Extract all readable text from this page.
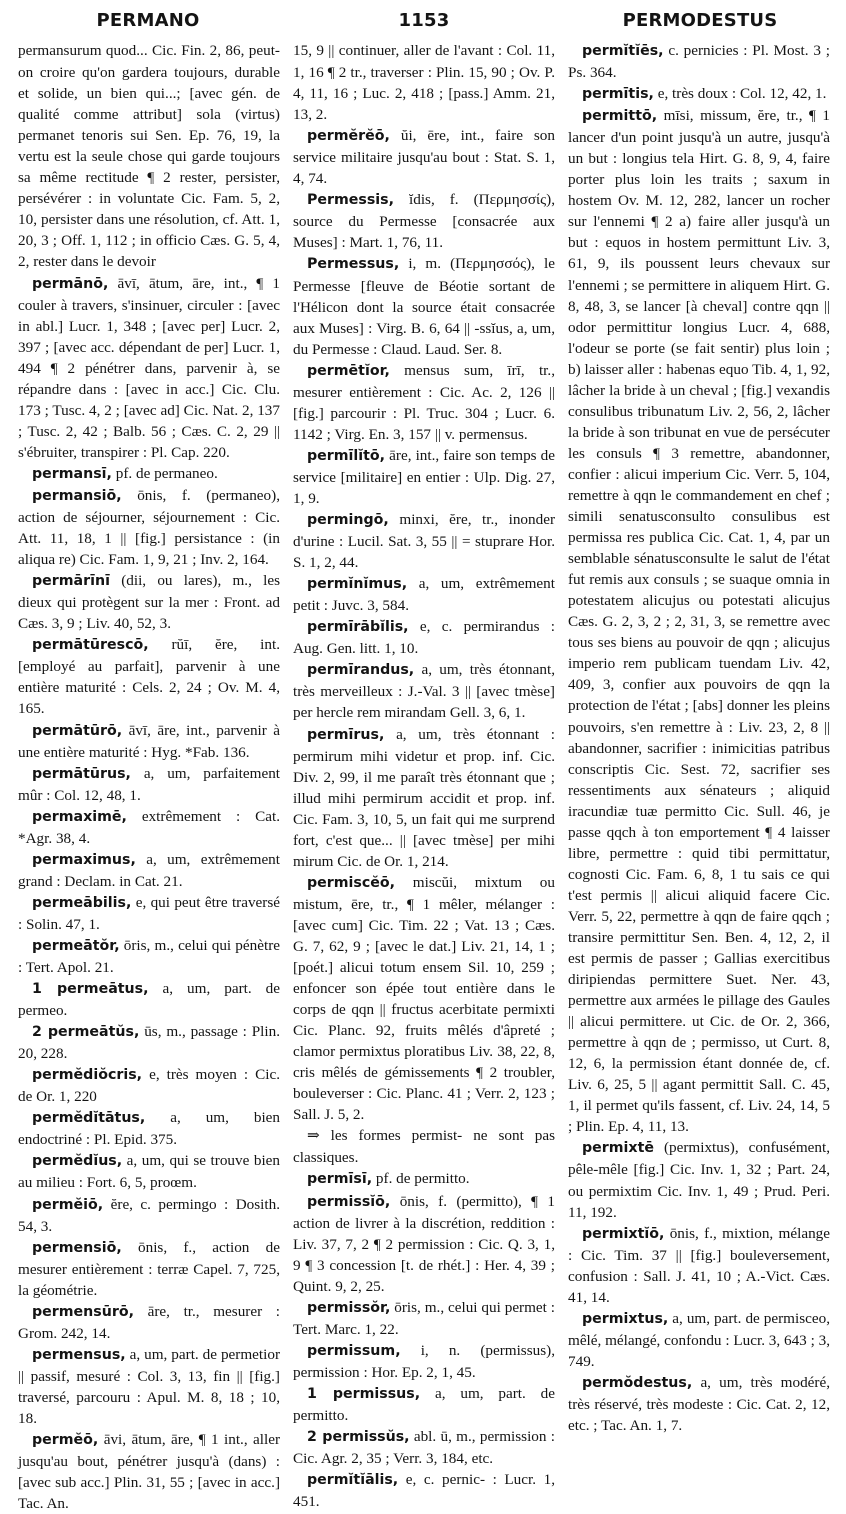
PERMANO	1153	PERMODESTUS

permansurum quod... Cic. Fin. 2, 86, peut-on croire qu'on gardera toujours, durable et solide, un bien qui...; [avec gén. de qualité comme attribut] sola (virtus) permanet tenoris sui Sen. Ep. 76, 19, la vertu est la seule chose qui garde toujours sa même rectitude ¶ 2 rester, persister, persévérer : in voluntate Cic. Fam. 5, 2, 10, persister dans une résolution, cf. Att. 1, 20, 3 ; Off. 1, 112 ; in officio Cæs. G. 5, 4, 2, rester dans le devoir

permānō, āvī, ātum, āre, int., ¶ 1 couler à travers, s'insinuer, circuler : [avec in abl.] Lucr. 1, 348 ; [avec per] Lucr. 2, 397 ; [avec acc. dépendant de per] Lucr. 1, 494 ¶ 2 pénétrer dans, parvenir à, se répandre dans : [avec in acc.] Cic. Clu. 173 ; Tusc. 4, 2 ; [avec ad] Cic. Nat. 2, 137 ; Tusc. 2, 42 ; Balb. 56 ; Cæs. C. 2, 29 || s'ébruiter, transpirer : Pl. Cap. 220.

permansī, pf. de permaneo.

permansiō, ōnis, f. (permaneo), action de séjourner, séjournement : Cic. Att. 11, 18, 1 || [fig.] persistance : (in aliqua re) Cic. Fam. 1, 9, 21 ; Inv. 2, 164.

permārīnī (dii, ou lares), m., les dieux qui protègent sur la mer : Front. ad Cæs. 3, 9 ; Liv. 40, 52, 3.

permātūrescō, rŭī, ĕre, int. [employé au parfait], parvenir à une entière maturité : Cels. 2, 24 ; Ov. M. 4, 165.

permātūrō, āvī, āre, int., parvenir à une entière maturité : Hyg. *Fab. 136.

permātūrus, a, um, parfaitement mûr : Col. 12, 48, 1.

permaximē, extrêmement : Cat. *Agr. 38, 4.

permaximus, a, um, extrêmement grand : Declam. in Cat. 21.

permeābilis, e, qui peut être traversé : Solin. 47, 1.

permeātŏr, ōris, m., celui qui pénètre : Tert. Apol. 21.

1 permeātus, a, um, part. de permeo.

2 permeātŭs, ūs, m., passage : Plin. 20, 228.

permĕdiŏcris, e, très moyen : Cic. de Or. 1, 220

permĕdĭtātus, a, um, bien endoctriné : Pl. Epid. 375.

permĕdĭus, a, um, qui se trouve bien au milieu : Fort. 6, 5, proœm.

permĕiō, ĕre, c. permingo : Dosith. 54, 3.

permensiō, ōnis, f., action de mesurer entièrement : terræ Capel. 7, 725, la géométrie.

permensūrō, āre, tr., mesurer : Grom. 242, 14.

permensus, a, um, part. de permetior || passif, mesuré : Col. 3, 13, fin || [fig.] traversé, parcouru : Apul. M. 8, 18 ; 10, 18.

permĕō, āvi, ātum, āre, ¶ 1 int., aller jusqu'au bout, pénétrer jusqu'à (dans) : [avec sub acc.] Plin. 31, 55 ; [avec in acc.] Tac. An.

15, 9 || continuer, aller de l'avant : Col. 11, 1, 16 ¶ 2 tr., traverser : Plin. 15, 90 ; Ov. P. 4, 11, 16 ; Luc. 2, 418 ; [pass.] Amm. 21, 13, 2.

permĕrĕō, ŭi, ēre, int., faire son service militaire jusqu'au bout : Stat. S. 1, 4, 74.

Permessis, ĭdis, f. (Περμησσίς), source du Permesse [consacrée aux Muses] : Mart. 1, 76, 11.

Permessus, i, m. (Περμησσός), le Permesse [fleuve de Béotie sortant de l'Hélicon dont la source était consacrée aux Muses] : Virg. B. 6, 64 || -ssĭus, a, um, du Permesse : Claud. Laud. Ser. 8.

permētĭor, mensus sum, īrī, tr., mesurer entièrement : Cic. Ac. 2, 126 || [fig.] parcourir : Pl. Truc. 304 ; Lucr. 6. 1142 ; Virg. En. 3, 157 || v. permensus.

permīlĭtō, āre, int., faire son temps de service [militaire] en entier : Ulp. Dig. 27, 1, 9.

permingō, minxi, ĕre, tr., inonder d'urine : Lucil. Sat. 3, 55 || = stuprare Hor. S. 1, 2, 44.

permĭnĭmus, a, um, extrêmement petit : Juvc. 3, 584.

permīrābĭlis, e, c. permirandus : Aug. Gen. litt. 1, 10.

permīrandus, a, um, très étonnant, très merveilleux : J.-Val. 3 || [avec tmèse] per hercle rem mirandam Gell. 3, 6, 1.

permīrus, a, um, très étonnant : permirum mihi videtur et prop. inf. Cic. Div. 2, 99, il me paraît très étonnant que ; illud mihi permirum accidit et prop. inf. Cic. Fam. 3, 10, 5, un fait qui me surprend fort, c'est que... || [avec tmèse] per mihi mirum Cic. de Or. 1, 214.

permiscĕō, miscŭi, mixtum ou mistum, ēre, tr., ¶ 1 mêler, mélanger : [avec cum] Cic. Tim. 22 ; Vat. 13 ; Cæs. G. 7, 62, 9 ; [avec le dat.] Liv. 21, 14, 1 ; [poét.] alicui totum ensem Sil. 10, 259 ; enfoncer son épée tout entière dans le corps de qqn || fructus acerbitate permixti Cic. Planc. 92, fruits mêlés d'âpreté ; clamor permixtus ploratibus Liv. 38, 22, 8, cris mêlés de gémissements ¶ 2 troubler, bouleverser : Cic. Planc. 41 ; Verr. 2, 123 ; Sall. J. 5, 2.

⇒ les formes permist- ne sont pas classiques.

permīsī, pf. de permitto.

permissĭō, ōnis, f. (permitto), ¶ 1 action de livrer à la discrétion, reddition : Liv. 37, 7, 2 ¶ 2 permission : Cic. Q. 3, 1, 9 ¶ 3 concession [t. de rhét.] : Her. 4, 39 ; Quint. 9, 2, 25.

permissŏr, ōris, m., celui qui permet : Tert. Marc. 1, 22.

permissum, i, n. (permissus), permission : Hor. Ep. 2, 1, 45.

1 permissus, a, um, part. de permitto.

2 permissŭs, abl. ū, m., permission : Cic. Agr. 2, 35 ; Verr. 3, 184, etc.

permĭtĭālis, e, c. pernic- : Lucr. 1, 451.

permĭtĭēs, c. pernicies : Pl. Most. 3 ; Ps. 364.

permītis, e, très doux : Col. 12, 42, 1.

permittō, mīsi, missum, ĕre, tr., ¶ 1 lancer d'un point jusqu'à un autre, jusqu'à un but : longius tela Hirt. G. 8, 9, 4, faire porter plus loin les traits ; saxum in hostem Ov. M. 12, 282, lancer un rocher sur l'ennemi ¶ 2 a) faire aller jusqu'à un but : equos in hostem permittunt Liv. 3, 61, 9, ils poussent leurs chevaux sur l'ennemi ; se permittere in aliquem Hirt. G. 8, 48, 3, se lancer [à cheval] contre qqn || odor permittitur longius Lucr. 4, 688, l'odeur se porte (se fait sentir) plus loin ; b) laisser aller : habenas equo Tib. 4, 1, 92, lâcher la bride à un cheval ; [fig.] vexandis consulibus tribunatum Liv. 2, 56, 2, lâcher la bride à son tribunat en vue de persécuter les consuls ¶ 3 remettre, abandonner, confier : alicui imperium Cic. Verr. 5, 104, remettre à qqn le commandement en chef ; simili senatusconsulto consulibus est permissa res publica Cic. Cat. 1, 4, par un semblable sénatusconsulte le salut de l'état fut remis aux consuls ; se suaque omnia in potestatem alicujus ou potestati alicujus Cæs. G. 2, 3, 2 ; 2, 31, 3, se remettre avec tous ses biens au pouvoir de qqn ; alicujus imperio rem publicam tuendam Liv. 42, 409, 3, confier aux pouvoirs de qqn la protection de l'état ; [abs] donner les pleins pouvoirs, s'en remettre à : Liv. 23, 2, 8 || abandonner, sacrifier : inimicitias patribus conscriptis Cic. Sest. 72, sacrifier ses ressentiments aux sénateurs ; aliquid iracundiæ tuæ permitto Cic. Sull. 46, je passe qqch à ton emportement ¶ 4 laisser libre, permettre : quid tibi permittatur, cognosti Cic. Fam. 6, 8, 1 tu sais ce qui t'est permis || alicui aliquid facere Cic. Verr. 5, 22, permettre à qqn de faire qqch ; transire permittitur Sen. Ben. 4, 12, 2, il est permis de passer ; Gallias exercitibus diripiendas permittere Suet. Ner. 43, permettre aux armées le pillage des Gaules || alicui permittere. ut Cic. de Or. 2, 366, permettre à qqn de ; permisso, ut Curt. 8, 12, 6, la permission étant donnée de, cf. Liv. 6, 25, 5 || agant permittit Sall. C. 45, 1, il permet qu'ils fassent, cf. Liv. 24, 14, 5 ; Plin. Ep. 4, 11, 13.

permixtē (permixtus), confusément, pêle-mêle [fig.] Cic. Inv. 1, 32 ; Part. 24, ou permixtim Cic. Inv. 1, 49 ; Prud. Peri. 11, 192.

permixtĭō, ōnis, f., mixtion, mélange : Cic. Tim. 37 || [fig.] bouleversement, confusion : Sall. J. 41, 10 ; A.-Vict. Cæs. 41, 14.

permixtus, a, um, part. de permisceo, mêlé, mélangé, confondu : Lucr. 3, 643 ; 3, 749.

permŏdestus, a, um, très modéré, très réservé, très modeste : Cic. Cat. 2, 12, etc. ; Tac. An. 1, 7.
